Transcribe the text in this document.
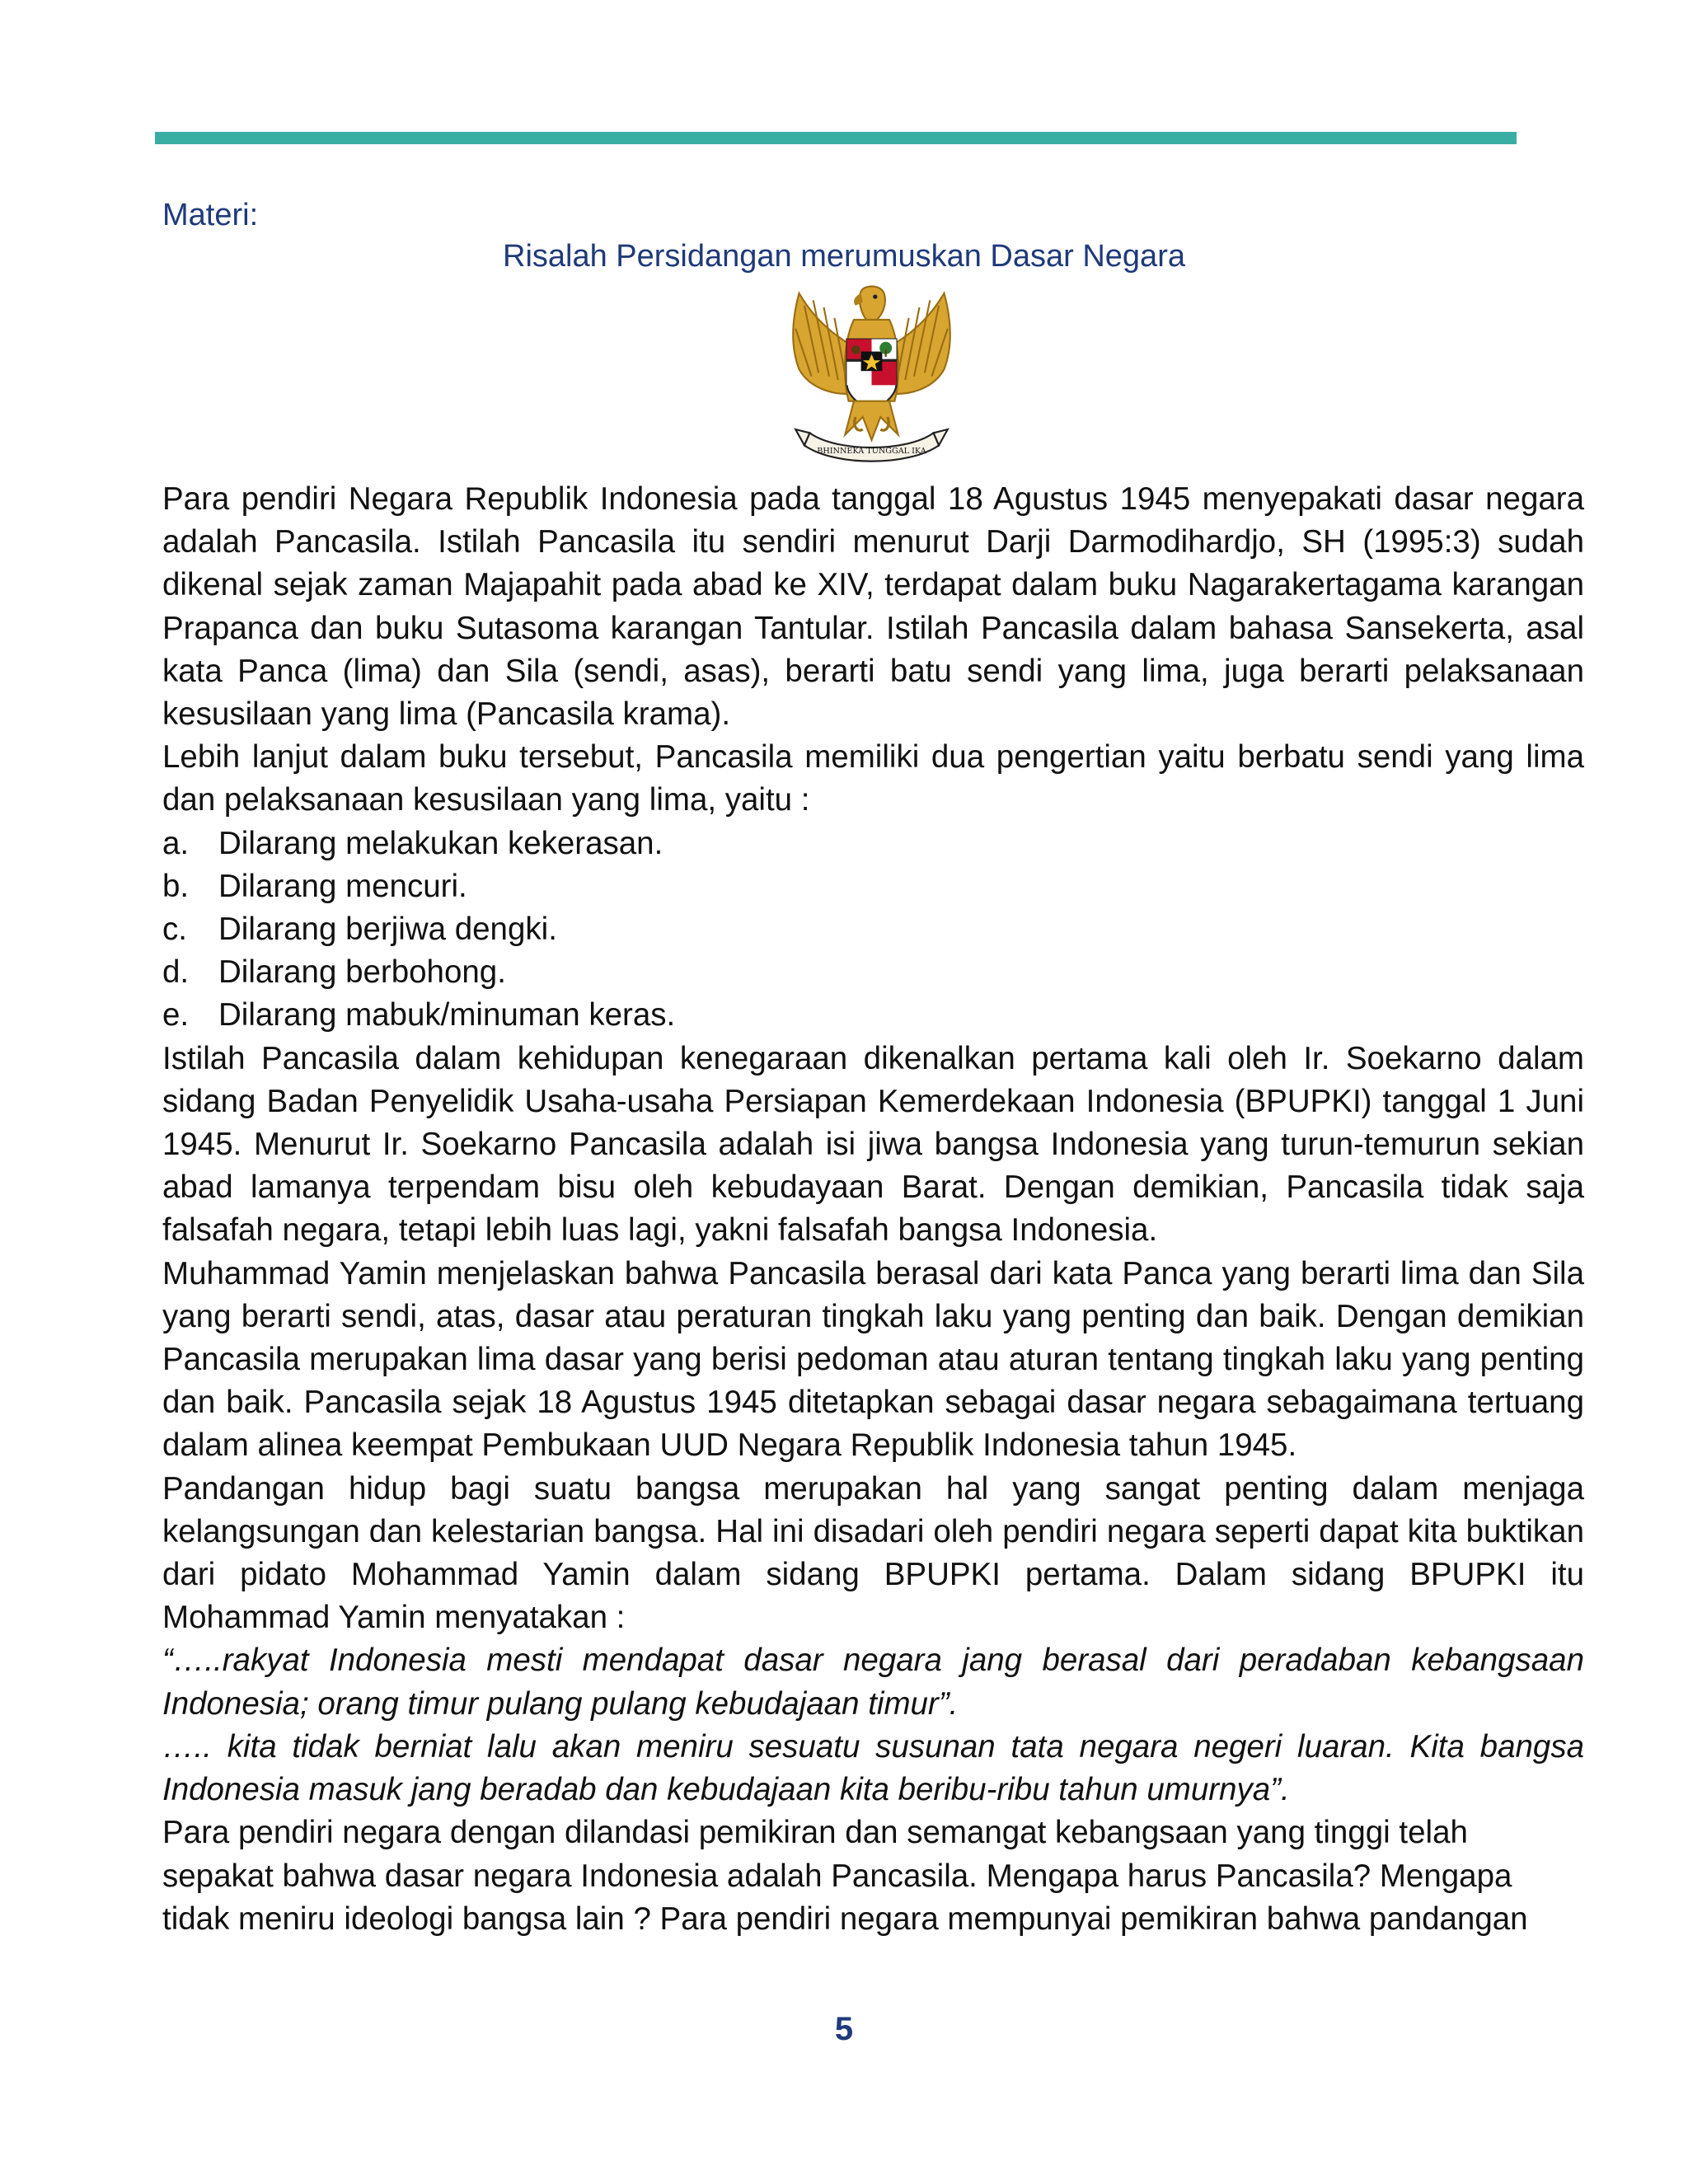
Materi:
Risalah Persidangan merumuskan Dasar Negara
BHINNEKA TUNGGAL IKA

Para pendiri Negara Republik Indonesia pada tanggal 18 Agustus 1945 menyepakati dasar negara adalah Pancasila. Istilah Pancasila itu sendiri menurut Darji Darmodihardjo, SH (1995:3) sudah dikenal sejak zaman Majapahit pada abad ke XIV, terdapat dalam buku Nagarakertagama karangan Prapanca dan buku Sutasoma karangan Tantular. Istilah Pancasila dalam bahasa Sansekerta, asal kata Panca (lima) dan Sila (sendi, asas), berarti batu sendi yang lima, juga berarti pelaksanaan kesusilaan yang lima (Pancasila krama).

Lebih lanjut dalam buku tersebut, Pancasila memiliki dua pengertian yaitu berbatu sendi yang lima dan pelaksanaan kesusilaan yang lima, yaitu :

a. Dilarang melakukan kekerasan.
b. Dilarang mencuri.
c. Dilarang berjiwa dengki.
d. Dilarang berbohong.
e. Dilarang mabuk/minuman keras.

Istilah Pancasila dalam kehidupan kenegaraan dikenalkan pertama kali oleh Ir. Soekarno dalam sidang Badan Penyelidik Usaha-usaha Persiapan Kemerdekaan Indonesia (BPUPKI) tanggal 1 Juni 1945. Menurut Ir. Soekarno Pancasila adalah isi jiwa bangsa Indonesia yang turun-temurun sekian abad lamanya terpendam bisu oleh kebudayaan Barat. Dengan demikian, Pancasila tidak saja falsafah negara, tetapi lebih luas lagi, yakni falsafah bangsa Indonesia.

Muhammad Yamin menjelaskan bahwa Pancasila berasal dari kata Panca yang berarti lima dan Sila yang berarti sendi, atas, dasar atau peraturan tingkah laku yang penting dan baik. Dengan demikian Pancasila merupakan lima dasar yang berisi pedoman atau aturan tentang tingkah laku yang penting dan baik. Pancasila sejak 18 Agustus 1945 ditetapkan sebagai dasar negara sebagaimana tertuang dalam alinea keempat Pembukaan UUD Negara Republik Indonesia tahun 1945.

Pandangan hidup bagi suatu bangsa merupakan hal yang sangat penting dalam menjaga kelangsungan dan kelestarian bangsa. Hal ini disadari oleh pendiri negara seperti dapat kita buktikan dari pidato Mohammad Yamin dalam sidang BPUPKI pertama. Dalam sidang BPUPKI itu Mohammad Yamin menyatakan :

“…..rakyat Indonesia mesti mendapat dasar negara jang berasal dari peradaban kebangsaan Indonesia; orang timur pulang pulang kebudajaan timur”.

….. kita tidak berniat lalu akan meniru sesuatu susunan tata negara negeri luaran. Kita bangsa Indonesia masuk jang beradab dan kebudajaan kita beribu-ribu tahun umurnya”.

Para pendiri negara dengan dilandasi pemikiran dan semangat kebangsaan yang tinggi telah sepakat bahwa dasar negara Indonesia adalah Pancasila. Mengapa harus Pancasila? Mengapa tidak meniru ideologi bangsa lain ? Para pendiri negara mempunyai pemikiran bahwa pandangan

5
